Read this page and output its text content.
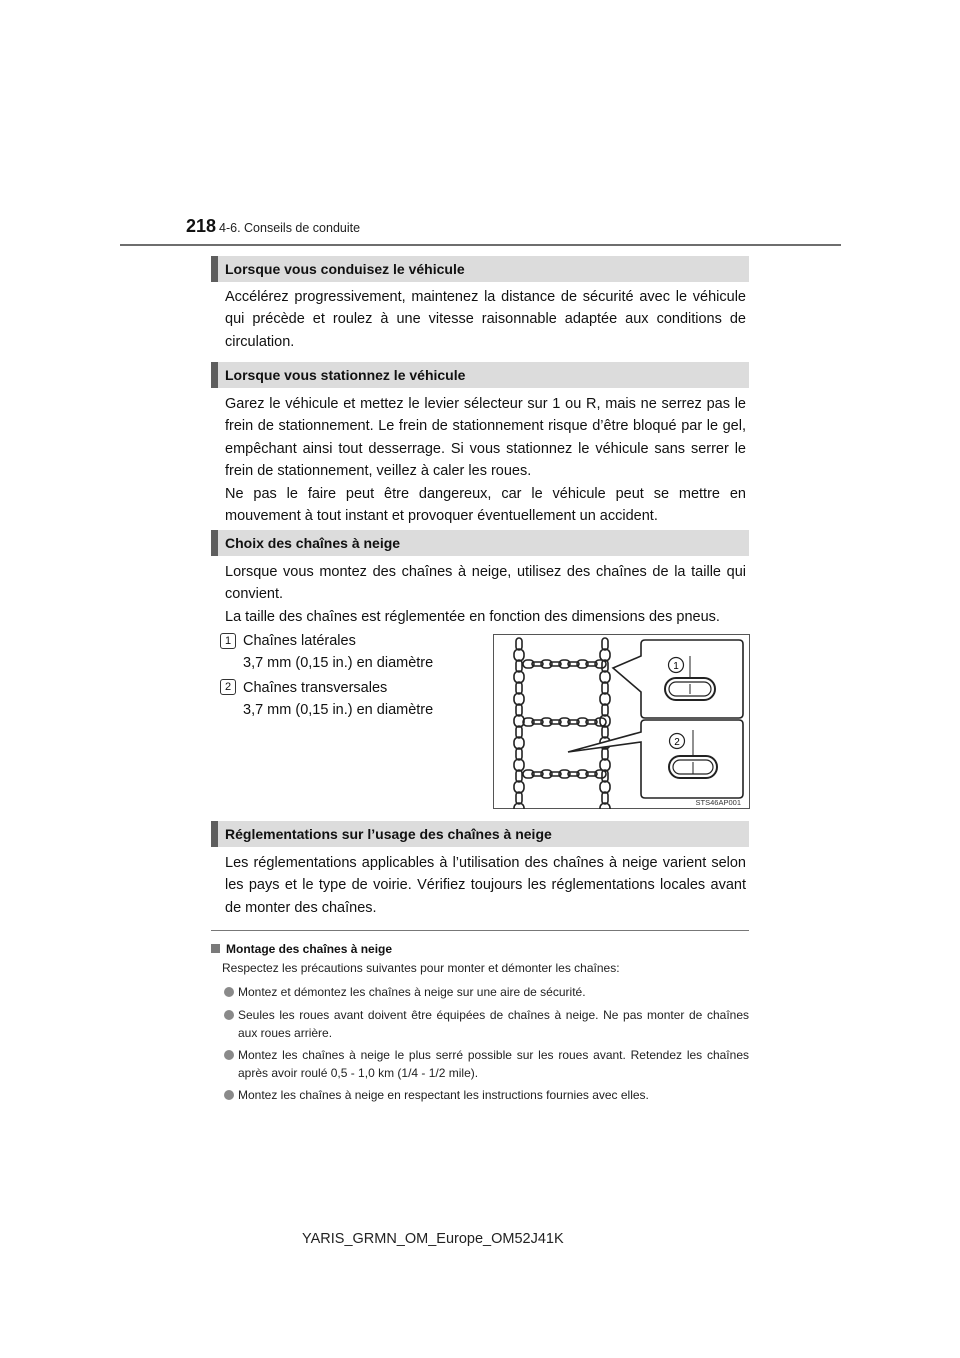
218 4-6. Conseils de conduite
Lorsque vous conduisez le véhicule

Accélérez progressivement, maintenez la distance de sécurité avec le véhicule qui précède et roulez à une vitesse raisonnable adaptée aux conditions de circulation.

Lorsque vous stationnez le véhicule

Garez le véhicule et mettez le levier sélecteur sur 1 ou R, mais ne serrez pas le frein de stationnement. Le frein de stationnement risque d’être bloqué par le gel, empêchant ainsi tout desserrage. Si vous stationnez le véhicule sans serrer le frein de stationnement, veillez à caler les roues.

Ne pas le faire peut être dangereux, car le véhicule peut se mettre en mouvement à tout instant et provoquer éventuellement un accident.

Choix des chaînes à neige

Lorsque vous montez des chaînes à neige, utilisez des chaînes de la taille qui convient.

La taille des chaînes est réglementée en fonction des dimensions des pneus.

1 Chaînes latérales
3,7 mm (0,15 in.) en diamètre
2 Chaînes transversales
3,7 mm (0,15 in.) en diamètre
1
2
STS46AP001
Réglementations sur l’usage des chaînes à neige

Les réglementations applicables à l’utilisation des chaînes à neige varient selon les pays et le type de voirie. Vérifiez toujours les réglementations locales avant de monter des chaînes.

Montage des chaînes à neige
Respectez les précautions suivantes pour monter et démonter les chaînes:
Montez et démontez les chaînes à neige sur une aire de sécurité.
Seules les roues avant doivent être équipées de chaînes à neige. Ne pas monter de chaînes aux roues arrière.
Montez les chaînes à neige le plus serré possible sur les roues avant. Retendez les chaînes après avoir roulé 0,5 - 1,0 km (1/4 - 1/2 mile).
Montez les chaînes à neige en respectant les instructions fournies avec elles.
YARIS_GRMN_OM_Europe_OM52J41K
